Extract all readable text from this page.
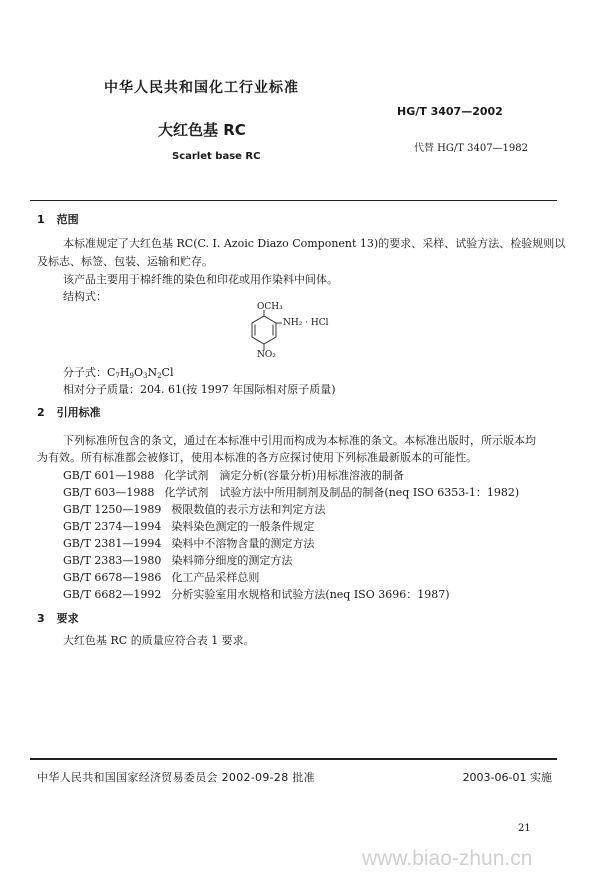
中华人民共和国化工行业标准
HG/T 3407—2002
大红色基 RC
代替 HG/T 3407—1982
Scarlet base RC
1 范围
本标准规定了大红色基 RC(C. I. Azoic Diazo Component 13)的要求、采样、试验方法、检验规则以
及标志、标签、包装、运输和贮存。
该产品主要用于棉纤维的染色和印花或用作染料中间体。
结构式：
OCH₃
NH₂ · HCl
NO₂
分子式：$C_7H_9O_3N_2Cl$
相对分子质量：204. 61(按 1997 年国际相对原子质量)
2 引用标准
下列标准所包含的条文，通过在本标准中引用而构成为本标准的条文。本标准出版时，所示版本均
为有效。所有标准都会被修订，使用本标准的各方应探讨使用下列标准最新版本的可能性。
GB/T 601—1988 化学试剂　滴定分析(容量分析)用标准溶液的制备
GB/T 603—1988 化学试剂　试验方法中所用制剂及制品的制备(neq ISO 6353-1：1982)
GB/T 1250—1989 极限数值的表示方法和判定方法
GB/T 2374—1994 染料染色测定的一般条件规定
GB/T 2381—1994 染料中不溶物含量的测定方法
GB/T 2383—1980 染料筛分细度的测定方法
GB/T 6678—1986 化工产品采样总则
GB/T 6682—1992 分析实验室用水规格和试验方法(neq ISO 3696：1987)
3 要求
大红色基 RC 的质量应符合表 1 要求。
中华人民共和国国家经济贸易委员会 2002-09-28 批准	2003-06-01 实施
21
www.biao-zhun.cn
